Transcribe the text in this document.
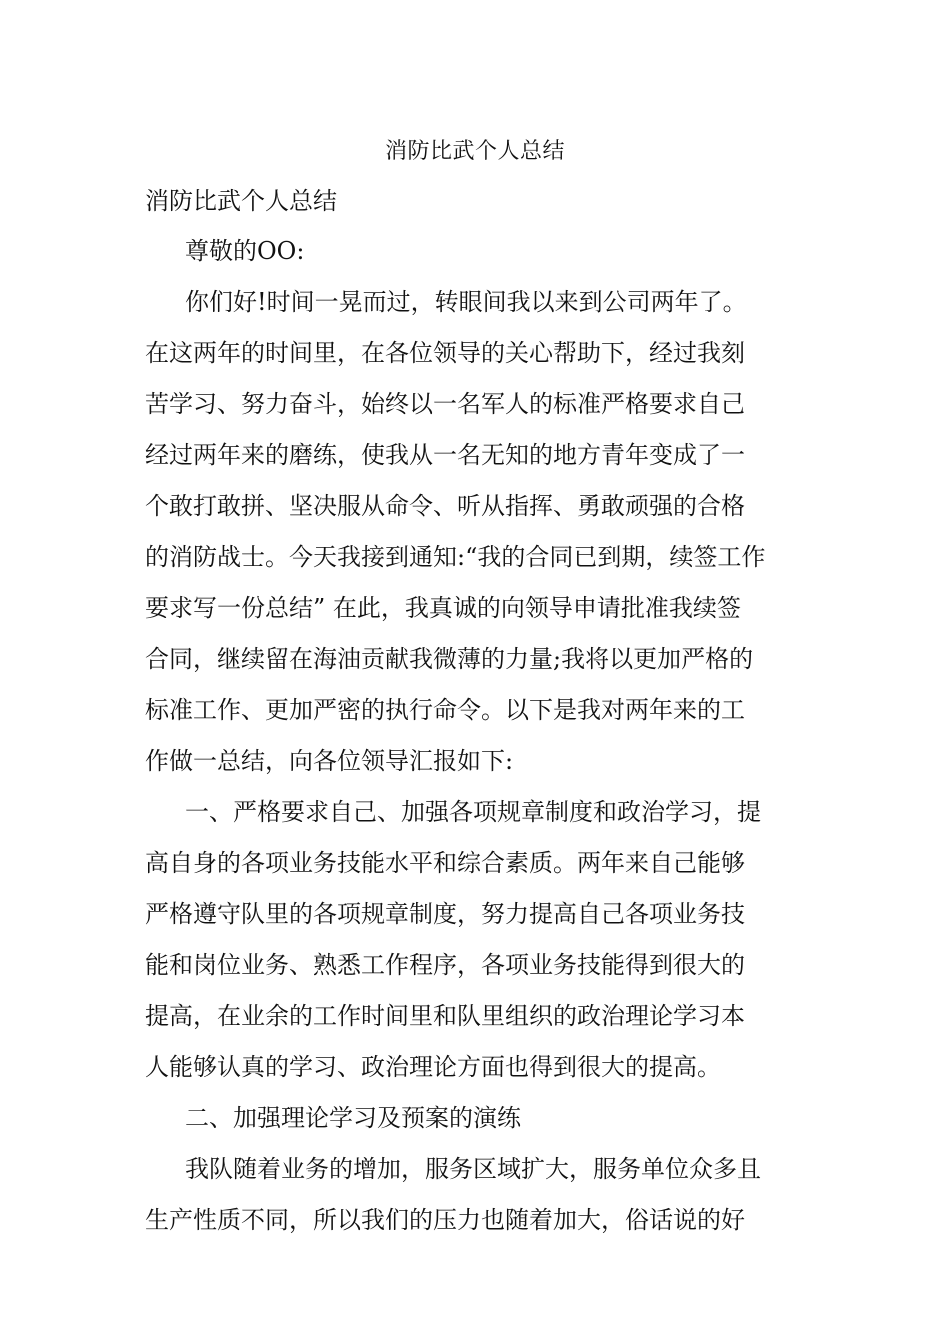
消防比武个人总结
消防比武个人总结
尊敬的OO:
你们好!时间一晃而过，转眼间我以来到公司两年了。
在这两年的时间里，在各位领导的关心帮助下，经过我刻
苦学习、努力奋斗，始终以一名军人的标准严格要求自己
经过两年来的磨练，使我从一名无知的地方青年变成了一
个敢打敢拼、坚决服从命令、听从指挥、勇敢顽强的合格
的消防战士。今天我接到通知:“我的合同已到期，续签工作
要求写一份总结” 在此，我真诚的向领导申请批准我续签
合同，继续留在海油贡献我微薄的力量;我将以更加严格的
标准工作、更加严密的执行命令。以下是我对两年来的工
作做一总结，向各位领导汇报如下:
一、严格要求自己、加强各项规章制度和政治学习，提
高自身的各项业务技能水平和综合素质。两年来自己能够
严格遵守队里的各项规章制度，努力提高自己各项业务技
能和岗位业务、熟悉工作程序，各项业务技能得到很大的
提高，在业余的工作时间里和队里组织的政治理论学习本
人能够认真的学习、政治理论方面也得到很大的提高。
二、加强理论学习及预案的演练
我队随着业务的增加，服务区域扩大，服务单位众多且
生产性质不同，所以我们的压力也随着加大，俗话说的好
